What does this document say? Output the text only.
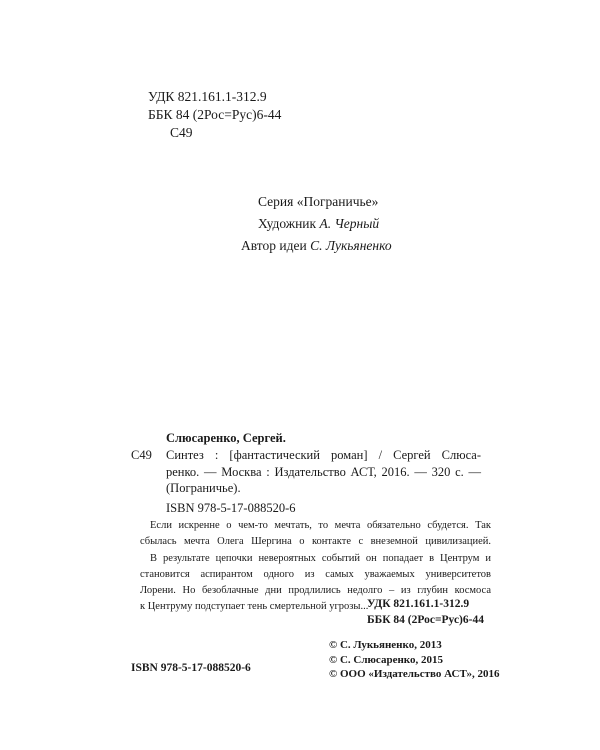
УДК 821.161.1-312.9
ББК 84 (2Рос=Рус)6-44
С49
Серия «Пограничье»
Художник А. Черный
Автор идеи С. Лукьяненко
Слюсаренко, Сергей.
С49 Синтез : [фантастический роман] / Сергей Слюса-
ренко. — Москва : Издательство АСТ, 2016. — 320 с. —
(Пограничье).
ISBN 978-5-17-088520-6
Если искренне о чем-то мечтать, то мечта обязательно сбудется. Так
сбылась мечта Олега Шергина о контакте с внеземной цивилизацией.
В результате цепочки невероятных событий он попадает в Центрум и
становится аспирантом одного из самых уважаемых университетов
Лорени. Но безоблачные дни продлились недолго – из глубин космоса
к Центруму подступает тень смертельной угрозы...
УДК 821.161.1-312.9
ББК 84 (2Рос=Рус)6-44
ISBN 978-5-17-088520-6
© С. Лукьяненко, 2013
© С. Слюсаренко, 2015
© ООО «Издательство АСТ», 2016
